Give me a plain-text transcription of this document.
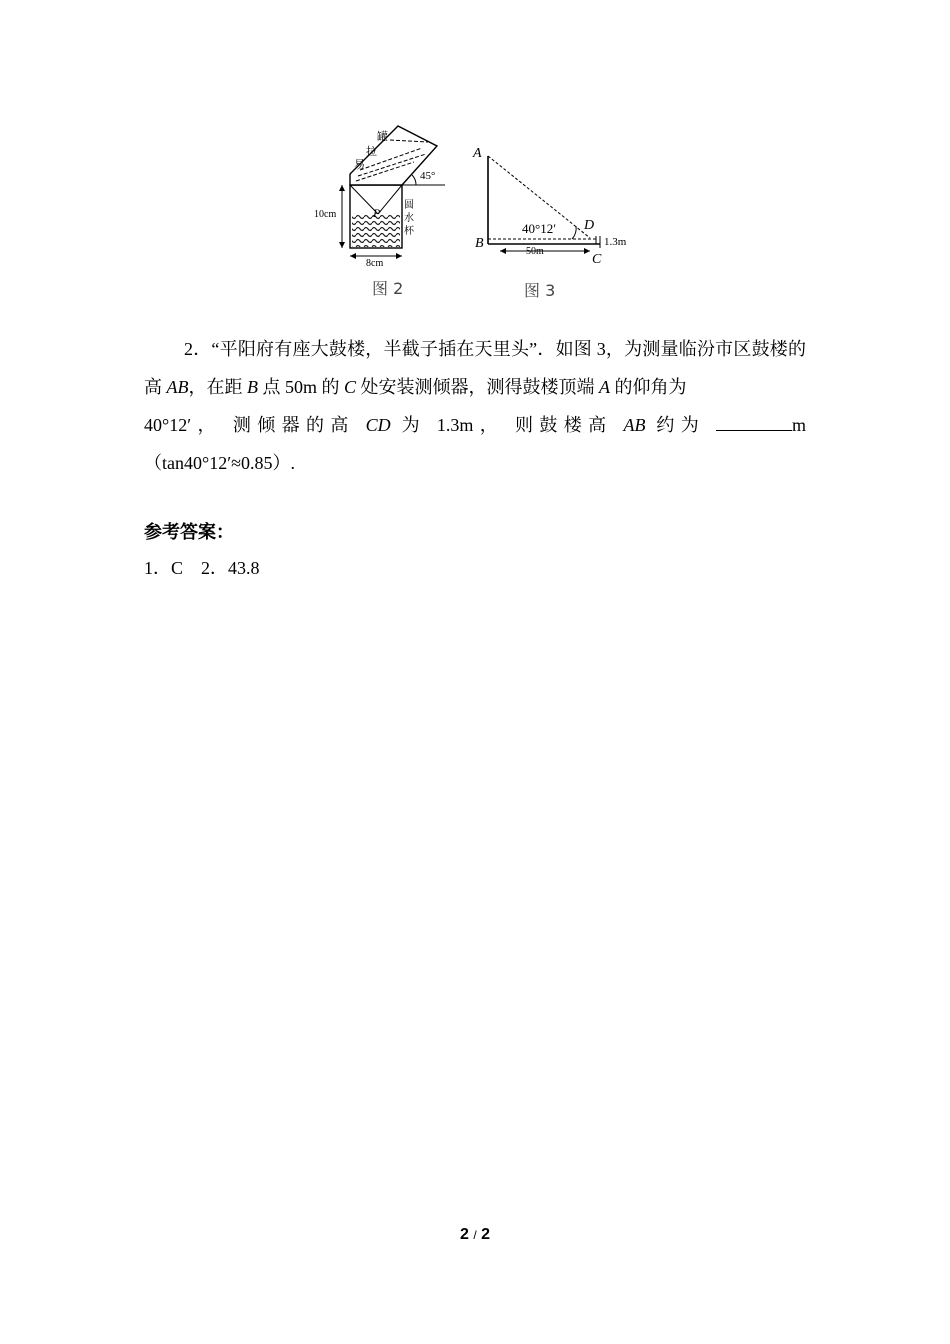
罐
拉
易
圆
水
杯
45°
10cm
8cm
P
图 2
A
B
C
D
40°12′
50m
1.3m
图 3

2．“平阳府有座大鼓楼，半截子插在天里头”．如图 3，为测量临汾市区鼓楼的高 AB，在距 B 点 50m 的 C 处安装测倾器，测得鼓楼顶端 A 的仰角为

40°12′， 测倾器的高 CD 为 1.3m， 则鼓楼高 AB 约为	m

（tan40°12′≈0.85）.

参考答案：
1．C　2．43.8
2 / 2
